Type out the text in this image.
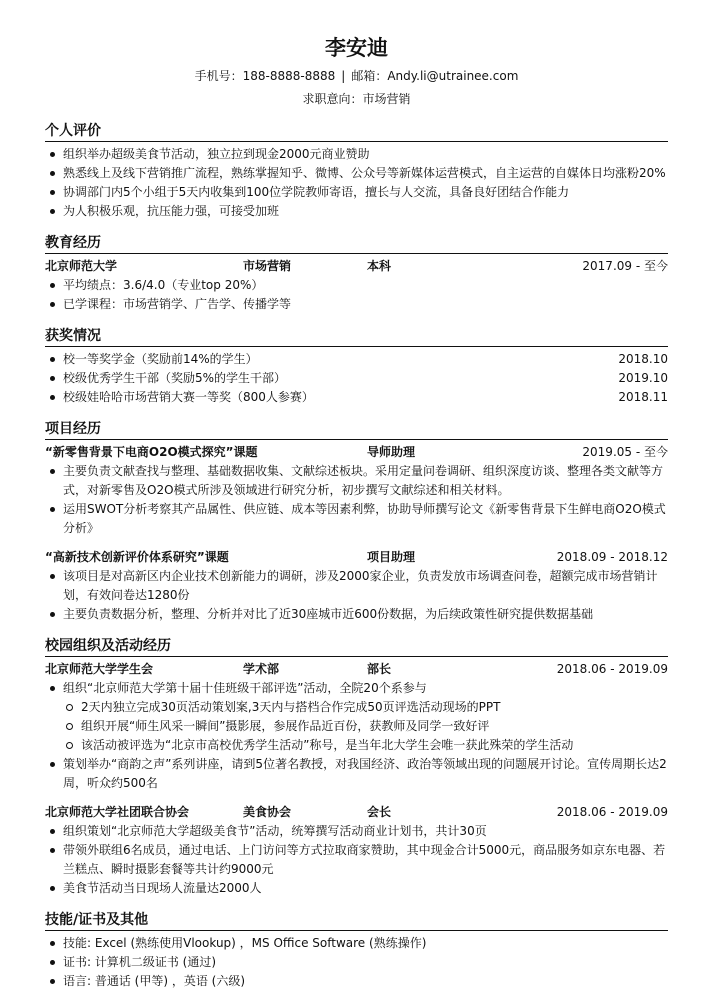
李安迪
手机号：188-8888-8888 | 邮箱：Andy.li@utrainee.com
求职意向：市场营销
个人评价
组织举办超级美食节活动，独立拉到现金2000元商业赞助
熟悉线上及线下营销推广流程，熟练掌握知乎、微博、公众号等新媒体运营模式，自主运营的自媒体日均涨粉20%
协调部门内5个小组于5天内收集到100位学院教师寄语，擅长与人交流，具备良好团结合作能力
为人积极乐观，抗压能力强，可接受加班
教育经历
北京师范大学	市场营销	本科	2017.09 - 至今
平均绩点：3.6/4.0（专业top 20%）
已学课程：市场营销学、广告学、传播学等
获奖情况
校一等奖学金（奖励前14%的学生）	2018.10
校级优秀学生干部（奖励5%的学生干部）	2019.10
校级娃哈哈市场营销大赛一等奖（800人参赛）	2018.11
项目经历
“新零售背景下电商O2O模式探究”课题	导师助理	2019.05 - 至今
主要负责文献查找与整理、基础数据收集、文献综述板块。采用定量问卷调研、组织深度访谈、整理各类文献等方式，对新零售及O2O模式所涉及领域进行研究分析，初步撰写文献综述和相关材料。
运用SWOT分析考察其产品属性、供应链、成本等因素利弊，协助导师撰写论文《新零售背景下生鲜电商O2O模式分析》
“高新技术创新评价体系研究”课题	项目助理	2018.09 - 2018.12
该项目是对高新区内企业技术创新能力的调研，涉及2000家企业，负责发放市场调查问卷，超额完成市场营销计划，有效问卷达1280份
主要负责数据分析，整理、分析并对比了近30座城市近600份数据，为后续政策性研究提供数据基础
校园组织及活动经历
北京师范大学学生会	学术部	部长	2018.06 - 2019.09
组织“北京师范大学第十届十佳班级干部评选”活动，全院20个系参与
2天内独立完成30页活动策划案,3天内与搭档合作完成50页评选活动现场的PPT
组织开展“师生风采一瞬间”摄影展，参展作品近百份，获教师及同学一致好评
该活动被评选为“北京市高校优秀学生活动”称号，是当年北大学生会唯一获此殊荣的学生活动
策划举办“商韵之声”系列讲座，请到5位著名教授，对我国经济、政治等领域出现的问题展开讨论。宣传周期长达2周，听众约500名
北京师范大学社团联合协会	美食协会	会长	2018.06 - 2019.09
组织策划“北京师范大学超级美食节”活动，统筹撰写活动商业计划书，共计30页
带领外联组6名成员，通过电话、上门访问等方式拉取商家赞助，其中现金合计5000元，商品服务如京东电器、若兰糕点、瞬时摄影套餐等共计约9000元
美食节活动当日现场人流量达2000人
技能/证书及其他
技能: Excel (熟练使用Vlookup) ，MS Office Software (熟练操作)
证书: 计算机二级证书 (通过)
语言: 普通话 (甲等) ，英语 (六级)
